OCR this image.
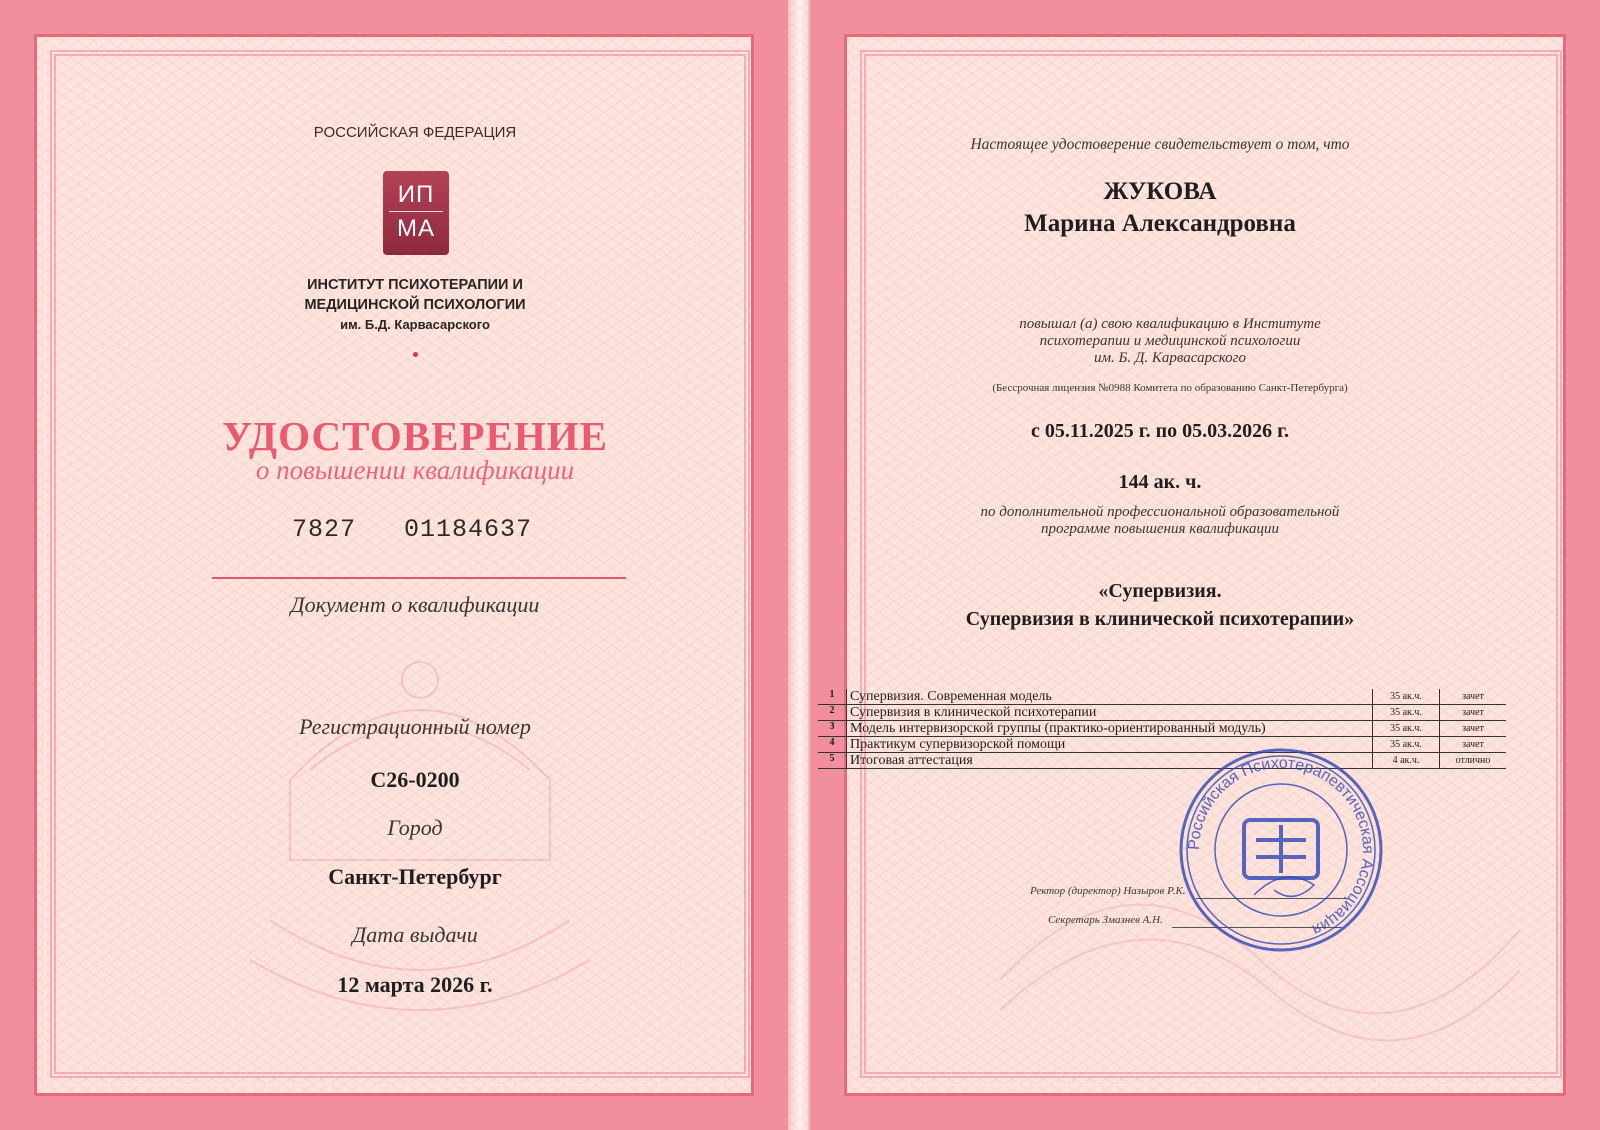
РОССИЙСКАЯ ФЕДЕРАЦИЯ
ИП
МА
ИНСТИТУТ ПСИХОТЕРАПИИ И
МЕДИЦИНСКОЙ ПСИХОЛОГИИ
им. Б.Д. Карвасарского
УДОСТОВЕРЕНИЕ
о повышении квалификации
7827   01184637
Документ о квалификации
Регистрационный номер
С26-0200
Город
Санкт-Петербург
Дата выдачи
12 марта 2026 г.
Настоящее удостоверение свидетельствует о том, что
ЖУКОВА
Марина Александровна
повышал (а) свою квалификацию в Институте
психотерапии и медицинской психологии
им. Б. Д. Карвасарского
(Бессрочная лицензия №0988 Комитета по образованию Санкт-Петербурга)
с 05.11.2025 г. по 05.03.2026 г.
144 ак. ч.
по дополнительной профессиональной образовательной
программе повышения квалификации
«Супервизия.
Супервизия в клинической психотерапии»
1	Супервизия. Современная модель	35 ак.ч.	зачет
2	Супервизия в клинической психотерапии	35 ак.ч.	зачет
3	Модель интервизорской группы (практико-ориентированный модуль)	35 ак.ч.	зачет
4	Практикум супервизорской помощи	35 ак.ч.	зачет
5	Итоговая аттестация	4 ак.ч.	отлично
Ректор (директор) Назыров Р.К.
Секретарь Змазнев А.Н.
Российская Психотерапевтическая Ассоциация
